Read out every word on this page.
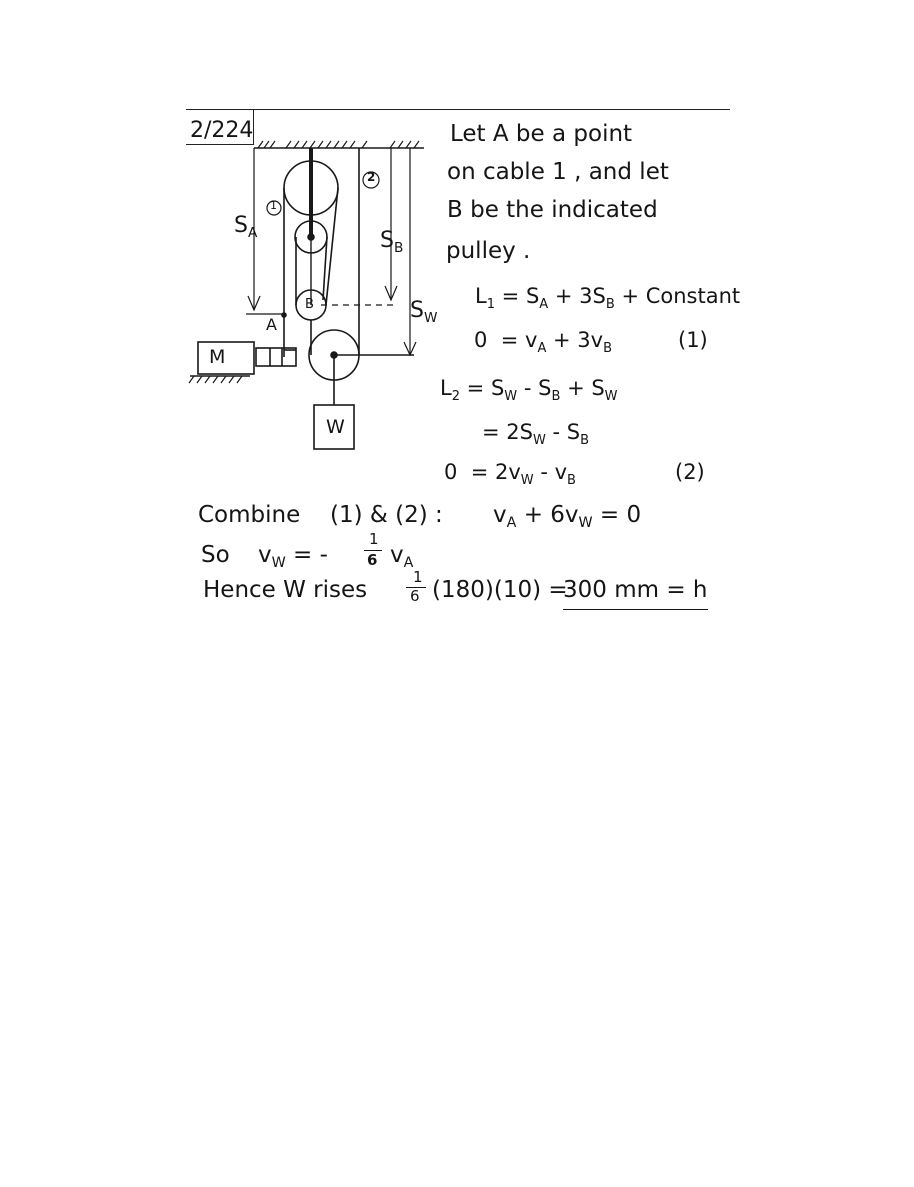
2/224
1
2
$S_A$	$S_B$
$S_W$
A
B
M
W
Let A be a point
on cable 1 , and let
B be the indicated
pulley .
$L_1 = S_A + 3S_B$ + Constant
$0 = v_A + 3v_B$	(1)
$L_2 = S_W - S_B + S_W$
= $2S_W - S_B$
$0 = 2v_W - v_B$	(2)
Combine (1) & (2) : $v_A + 6v_W = 0$
So $v_W$ = -
1
6 $v_A$
Hence W rises	1
6 (180)(10) =
300 mm = h
